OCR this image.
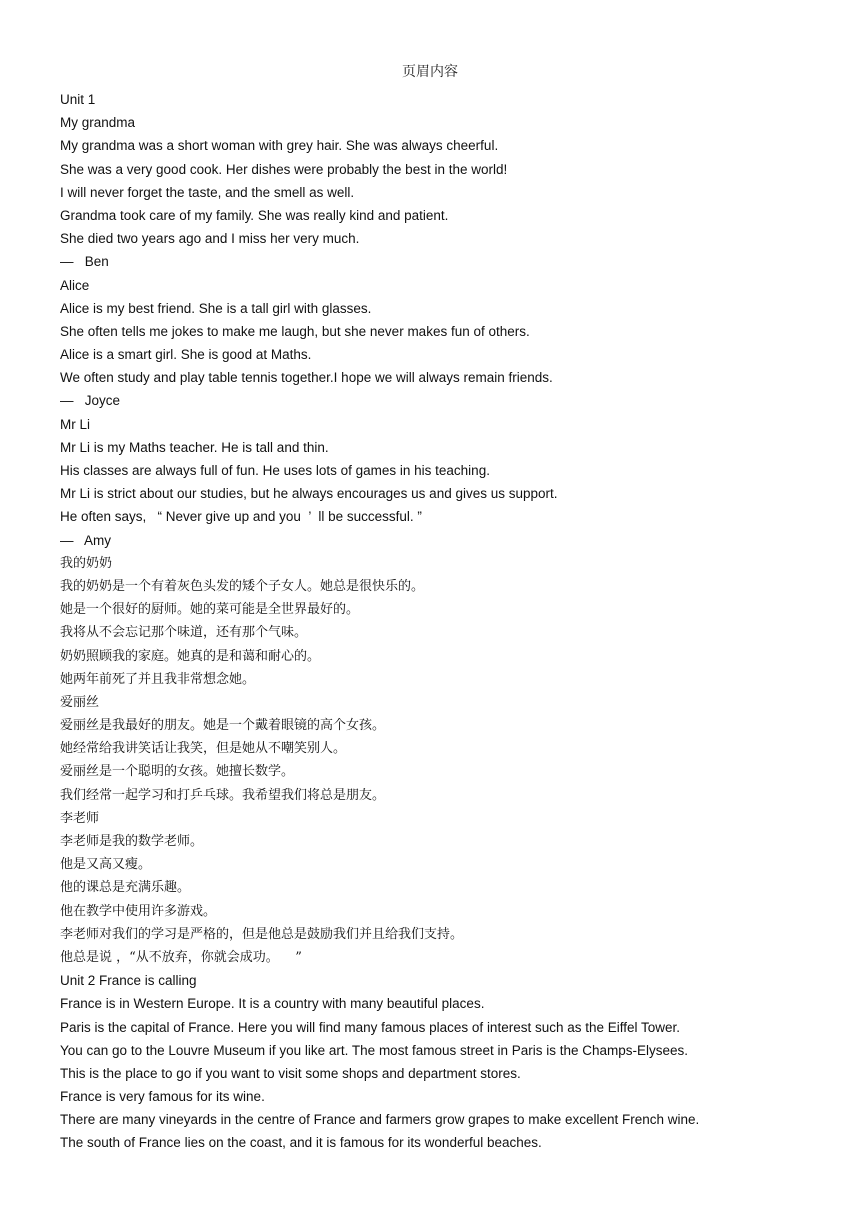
页眉内容
Unit 1
My grandma
My grandma was a short woman with grey hair. She was always cheerful.
She was a very good cook. Her dishes were probably the best in the world!
I will never forget the taste, and the smell as well.
Grandma took care of my family. She was really kind and patient.
She died two years ago and I miss her very much.
—   Ben
Alice
Alice is my best friend. She is a tall girl with glasses.
She often tells me jokes to make me laugh, but she never makes fun of others.
Alice is a smart girl. She is good at Maths.
We often study and play table tennis together.I hope we will always remain friends.
—   Joyce
Mr Li
Mr Li is my Maths teacher. He is tall and thin.
His classes are always full of fun. He uses lots of games in his teaching.
Mr Li is strict about our studies, but he always encourages us and gives us support.
He often says,   “ Never give up and you  ’  ll be successful. ”
—   Amy
我的奶奶
我的奶奶是一个有着灰色头发的矮个子女人。她总是很快乐的。
她是一个很好的厨师。她的菜可能是全世界最好的。
我将从不会忘记那个味道，还有那个气味。
奶奶照顾我的家庭。她真的是和蔼和耐心的。
她两年前死了并且我非常想念她。
爱丽丝
爱丽丝是我最好的朋友。她是一个戴着眼镜的高个女孩。
她经常给我讲笑话让我笑，但是她从不嘲笑别人。
爱丽丝是一个聪明的女孩。她擅长数学。
我们经常一起学习和打乒乓球。我希望我们将总是朋友。
李老师
李老师是我的数学老师。
他是又高又瘦。
他的课总是充满乐趣。
他在教学中使用许多游戏。
李老师对我们的学习是严格的，但是他总是鼓励我们并且给我们支持。
他总是说 ，“从不放弃，你就会成功。    ”
Unit 2 France is calling
France is in Western Europe. It is a country with many beautiful places.
Paris is the capital of France. Here you will find many famous places of interest such as the Eiffel Tower.
You can go to the Louvre Museum if you like art. The most famous street in Paris is the Champs-Elysees.
This is the place to go if you want to visit some shops and department stores.
France is very famous for its wine.
There are many vineyards in the centre of France and farmers grow grapes to make excellent French wine.
The south of France lies on the coast, and it is famous for its wonderful beaches.
